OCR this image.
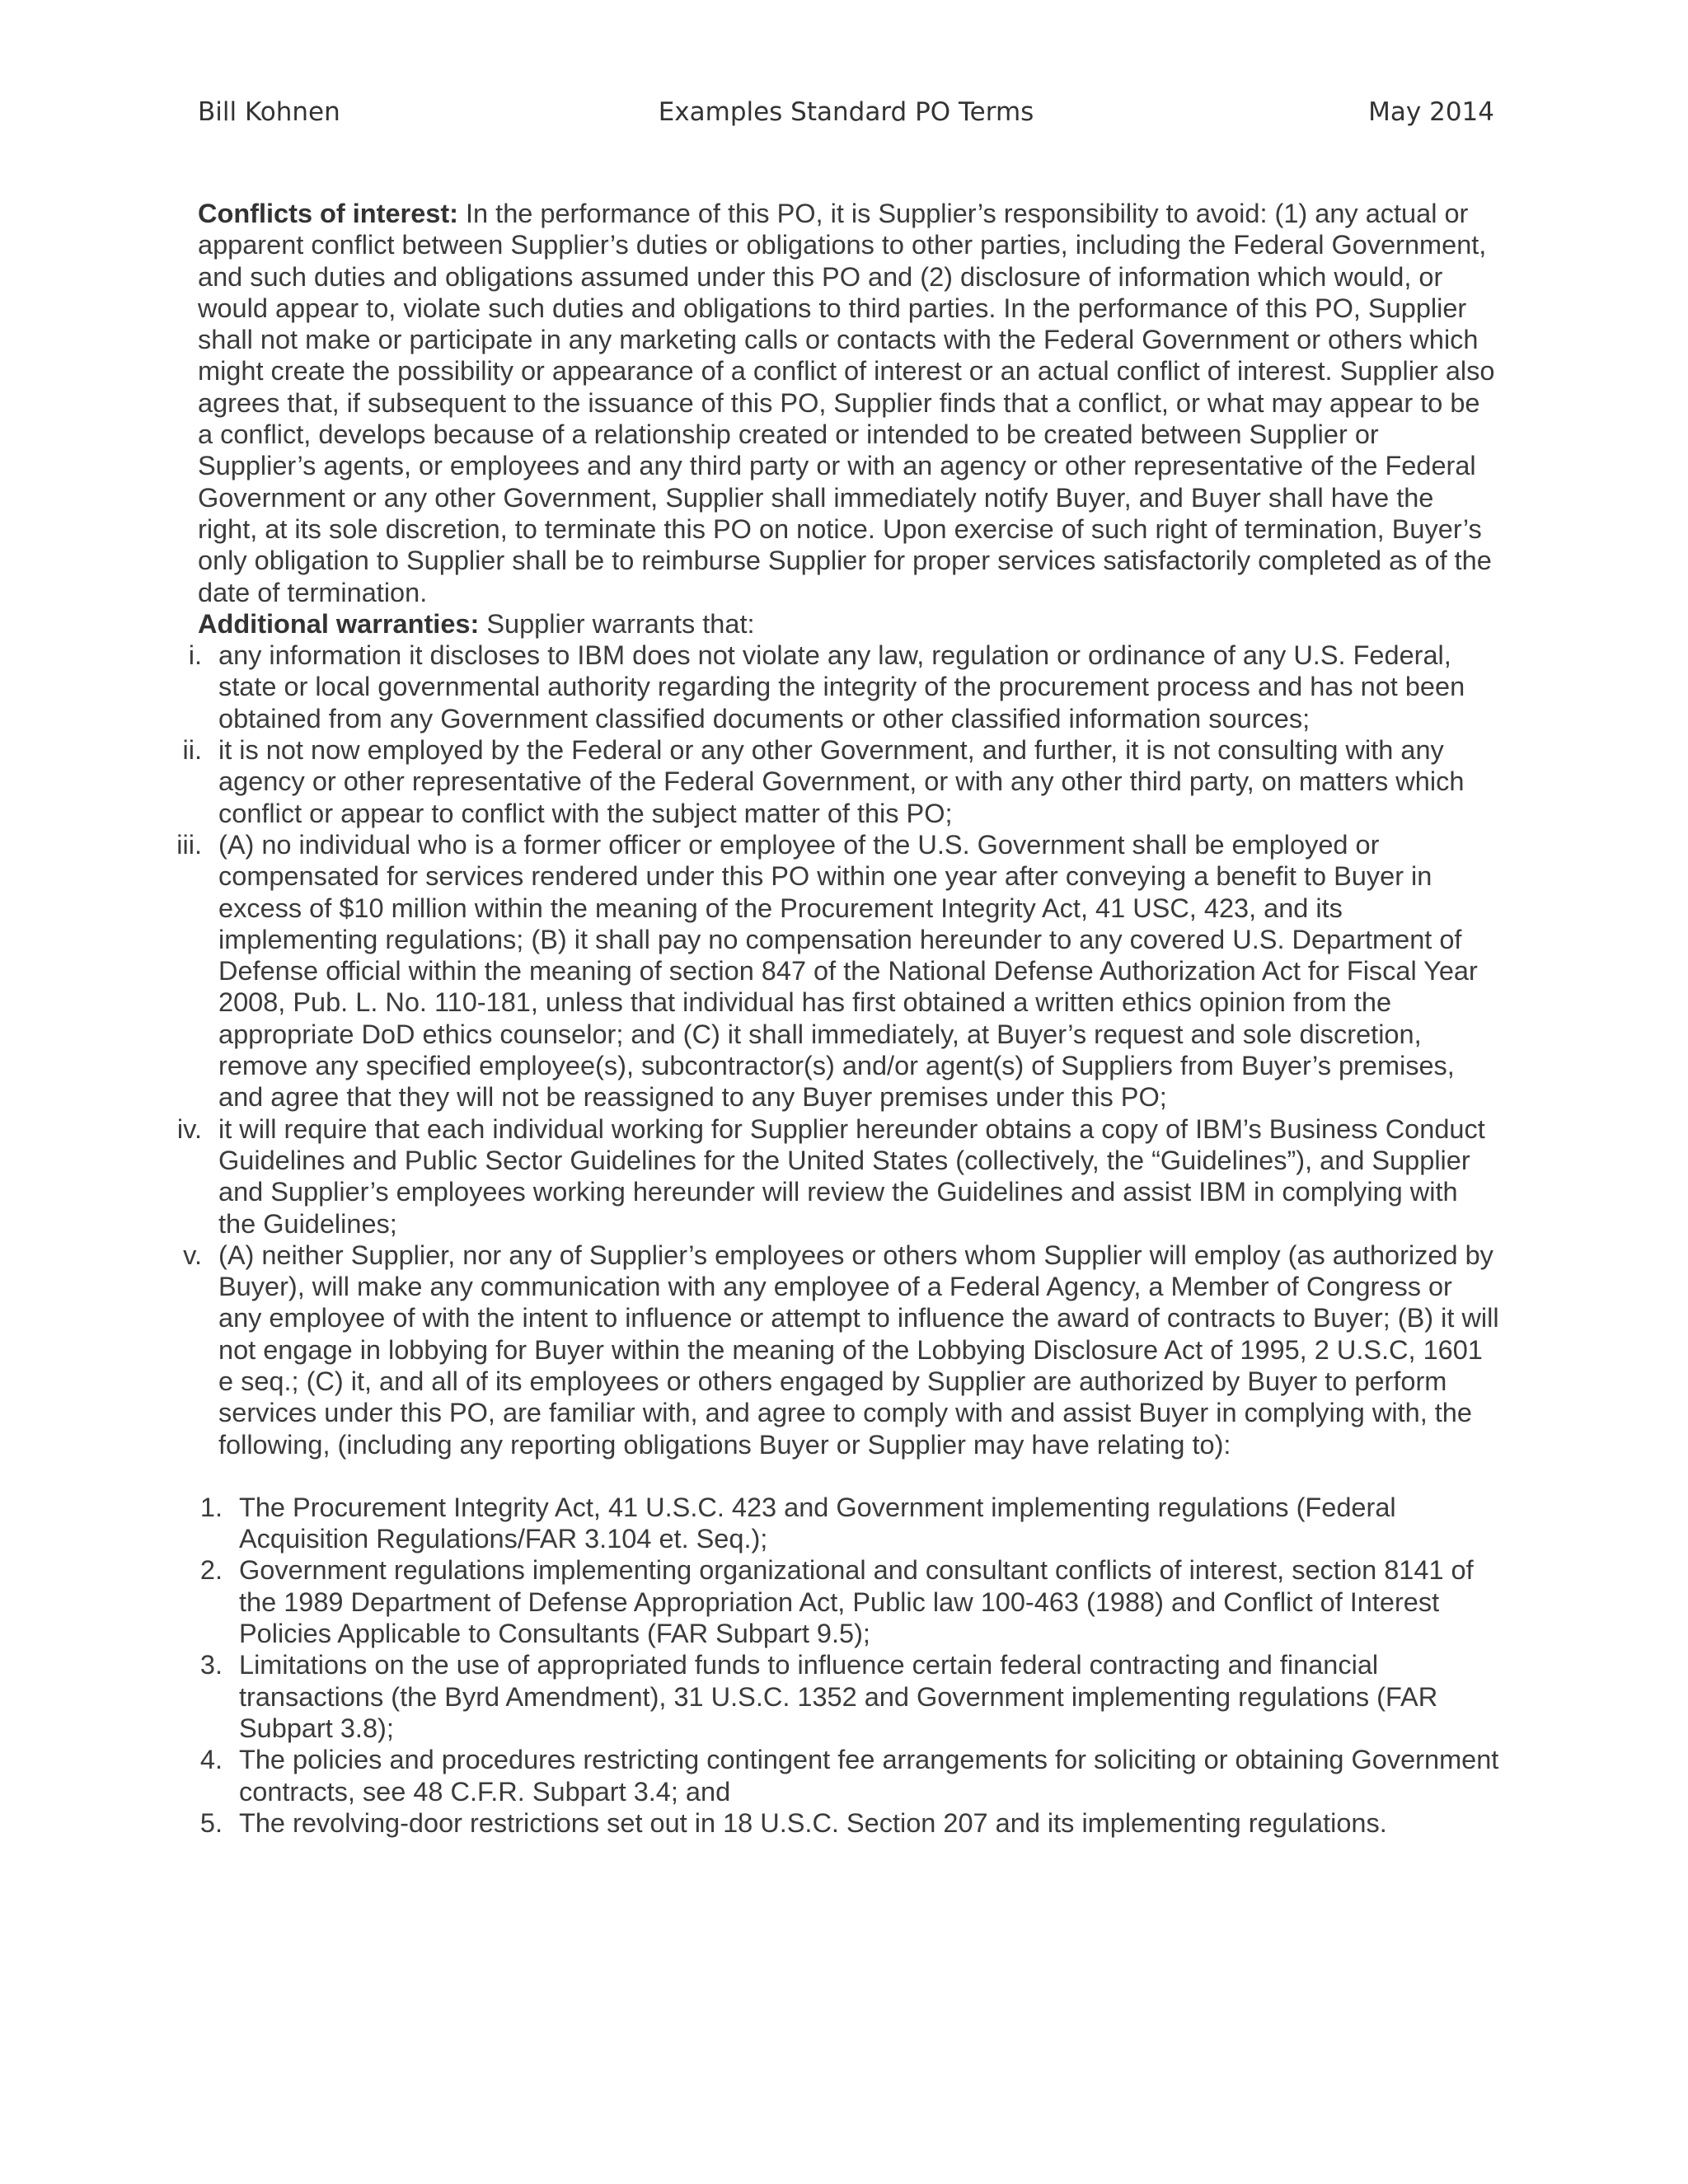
Bill Kohnen	Examples Standard PO Terms	May 2014

Conflicts of interest: In the performance of this PO, it is Supplier’s responsibility to avoid: (1) any actual or apparent conflict between Supplier’s duties or obligations to other parties, including the Federal Government, and such duties and obligations assumed under this PO and (2) disclosure of information which would, or would appear to, violate such duties and obligations to third parties. In the performance of this PO, Supplier shall not make or participate in any marketing calls or contacts with the Federal Government or others which might create the possibility or appearance of a conflict of interest or an actual conflict of interest. Supplier also agrees that, if subsequent to the issuance of this PO, Supplier finds that a conflict, or what may appear to be a conflict, develops because of a relationship created or intended to be created between Supplier or Supplier’s agents, or employees and any third party or with an agency or other representative of the Federal Government or any other Government, Supplier shall immediately notify Buyer, and Buyer shall have the right, at its sole discretion, to terminate this PO on notice. Upon exercise of such right of termination, Buyer’s only obligation to Supplier shall be to reimburse Supplier for proper services satisfactorily completed as of the date of termination.

Additional warranties: Supplier warrants that:

i. any information it discloses to IBM does not violate any law, regulation or ordinance of any U.S. Federal, state or local governmental authority regarding the integrity of the procurement process and has not been obtained from any Government classified documents or other classified information sources;
ii. it is not now employed by the Federal or any other Government, and further, it is not consulting with any agency or other representative of the Federal Government, or with any other third party, on matters which conflict or appear to conflict with the subject matter of this PO;
iii. (A) no individual who is a former officer or employee of the U.S. Government shall be employed or compensated for services rendered under this PO within one year after conveying a benefit to Buyer in excess of $10 million within the meaning of the Procurement Integrity Act, 41 USC, 423, and its implementing regulations; (B) it shall pay no compensation hereunder to any covered U.S. Department of Defense official within the meaning of section 847 of the National Defense Authorization Act for Fiscal Year 2008, Pub. L. No. 110-181, unless that individual has first obtained a written ethics opinion from the appropriate DoD ethics counselor; and (C) it shall immediately, at Buyer’s request and sole discretion, remove any specified employee(s), subcontractor(s) and/or agent(s) of Suppliers from Buyer’s premises, and agree that they will not be reassigned to any Buyer premises under this PO;
iv. it will require that each individual working for Supplier hereunder obtains a copy of IBM’s Business Conduct Guidelines and Public Sector Guidelines for the United States (collectively, the “Guidelines”), and Supplier and Supplier’s employees working hereunder will review the Guidelines and assist IBM in complying with the Guidelines;
v. (A) neither Supplier, nor any of Supplier’s employees or others whom Supplier will employ (as authorized by Buyer), will make any communication with any employee of a Federal Agency, a Member of Congress or any employee of with the intent to influence or attempt to influence the award of contracts to Buyer; (B) it will not engage in lobbying for Buyer within the meaning of the Lobbying Disclosure Act of 1995, 2 U.S.C, 1601 e seq.; (C) it, and all of its employees or others engaged by Supplier are authorized by Buyer to perform services under this PO, are familiar with, and agree to comply with and assist Buyer in complying with, the following, (including any reporting obligations Buyer or Supplier may have relating to):
1. The Procurement Integrity Act, 41 U.S.C. 423 and Government implementing regulations (Federal Acquisition Regulations/FAR 3.104 et. Seq.);
2. Government regulations implementing organizational and consultant conflicts of interest, section 8141 of the 1989 Department of Defense Appropriation Act, Public law 100-463 (1988) and Conflict of Interest Policies Applicable to Consultants (FAR Subpart 9.5);
3. Limitations on the use of appropriated funds to influence certain federal contracting and financial transactions (the Byrd Amendment), 31 U.S.C. 1352 and Government implementing regulations (FAR Subpart 3.8);
4. The policies and procedures restricting contingent fee arrangements for soliciting or obtaining Government contracts, see 48 C.F.R. Subpart 3.4; and
5. The revolving-door restrictions set out in 18 U.S.C. Section 207 and its implementing regulations.
